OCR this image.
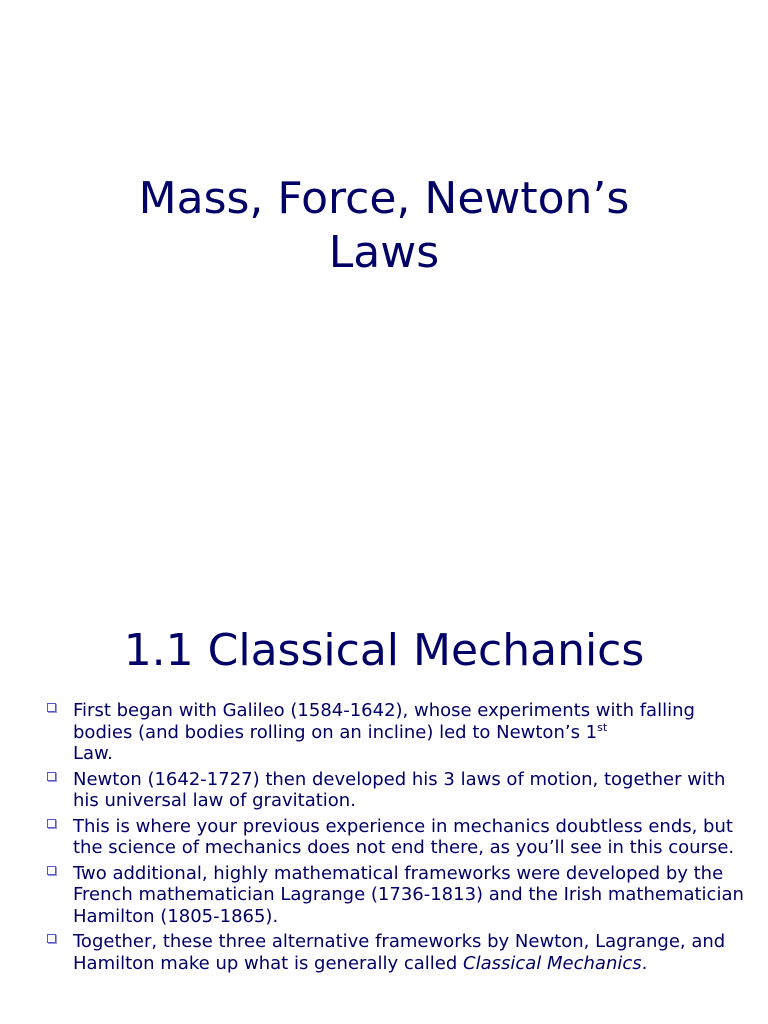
Mass, Force, Newton’s
Laws
1.1 Classical Mechanics
First began with Galileo (1584-1642), whose experiments with falling bodies (and bodies rolling on an incline) led to Newton’s 1st
Law.
Newton (1642-1727) then developed his 3 laws of motion, together with his universal law of gravitation.
This is where your previous experience in mechanics doubtless ends, but the science of mechanics does not end there, as you’ll see in this course.
Two additional, highly mathematical frameworks were developed by the French mathematician Lagrange (1736-1813) and the Irish mathematician Hamilton (1805-1865).
Together, these three alternative frameworks by Newton, Lagrange, and Hamilton make up what is generally called Classical Mechanics.
